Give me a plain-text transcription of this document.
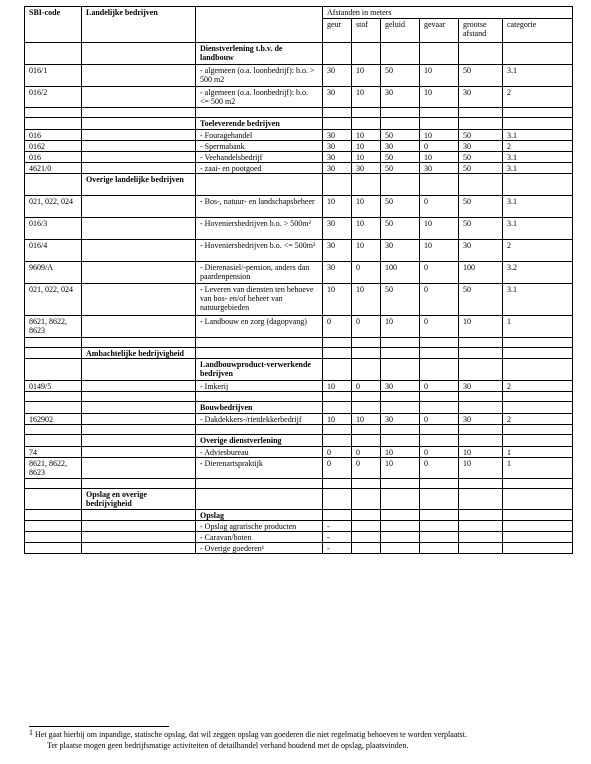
SBI-code	Landelijke bedrijven		Afstanden in meters					
			geur	stof	geluid	gevaar	grootse afstand	categorie
		Dienstverlening t.b.v. de landbouw						
016/1		- algemeen (o.a. loonbedrijf): b.o. > 500 m2	30	10	50	10	50	3.1
016/2		- algemeen (o.a. loonbedrijf): b.o. <= 500 m2	30	10	30	10	30	2

		Toeleverende bedrijven						
016		- Fouragehandel	30	10	50	10	50	3.1
0162		- Spermabank	30	10	30	0	30	2
016		- Veehandelsbedrijf	30	10	50	10	50	3.1
4621/0		- zaai- en pootgoed	30	30	50	30	50	3.1
	Overige landelijke bedrijven							
021, 022, 024		- Bos-, natuur- en landschapsbeheer	10	10	50	0	50	3.1
016/3		- Hoveniersbedrijven b.o. > 500m²	30	10	50	10	50	3.1
016/4		- Hoveniersbedrijven b.o. <= 500m²	30	10	30	10	30	2
9609/A		- Dierenasiel/-pension, anders dan paardenpension	30	0	100	0	100	3.2
021, 022, 024		- Leveren van diensten ten behoeve van bos- en/of beheer van natuurgebieden	10	10	50	0	50	3.1
8621, 8622, 8623		- Landbouw en zorg (dagopvang)	0	0	10	0	10	1

	Ambachtelijke bedrijvigheid							
		Landbouwproduct-verwerkende bedrijven						
0149/5		- Imkerij	10	0	30	0	30	2

		Bouwbedrijven						
162902		- Dakdekkers-/rietdekkerbedrijf	10	10	30	0	30	2

		Overige dienstverlening						
74		- Adviesbureau	0	0	10	0	10	1
8621, 8622, 8623		- Dierenartspraktijk	0	0	10	0	10	1

	Opslag en overige bedrijvigheid							
		Opslag						
		- Opslag agrarische producten	-					
		- Caravan/boten	-					
		- Overige goederen¹	-					
1 Het gaat hierbij om inpandige, statische opslag, dat wil zeggen opslag van goederen die niet regelmatig behoeven te worden verplaatst.
Ter plaatse mogen geen bedrijfsmatige activiteiten of detailhandel verband houdend met de opslag, plaatsvinden.
